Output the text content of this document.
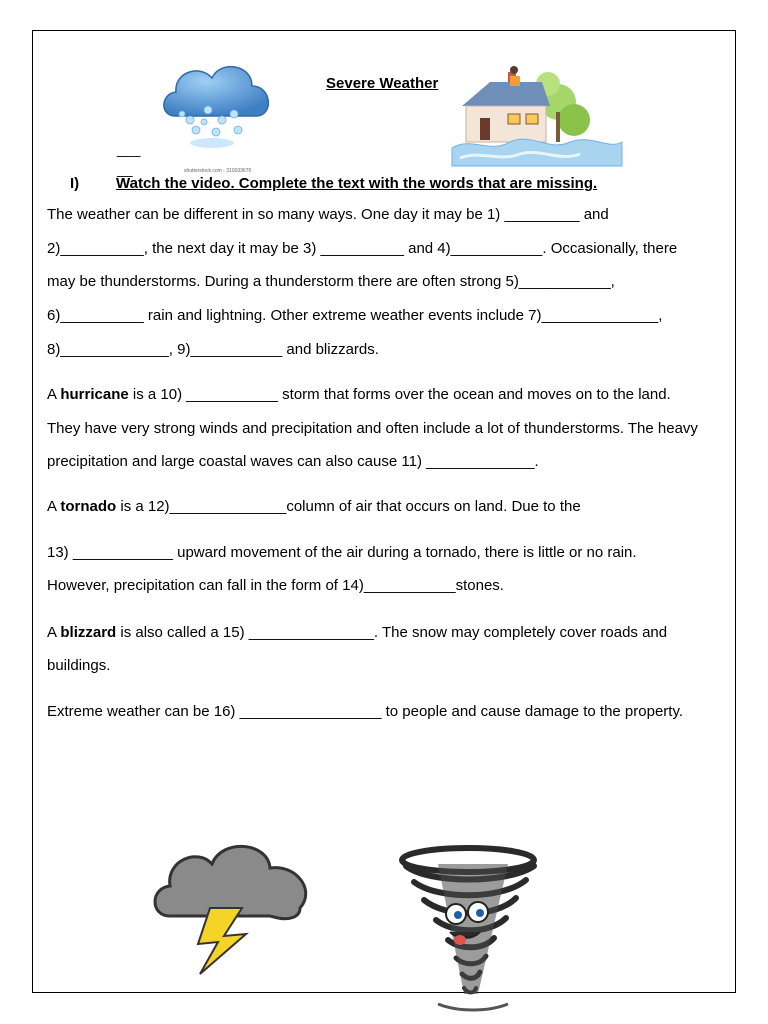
shutterstock.com · 310033676
Severe Weather
___
__
I) Watch the video. Complete the text with the words that are missing.
The weather can be different in so many ways. One day it may be 1) _________ and
2)__________, the next day it may be 3) __________ and 4)___________. Occasionally, there
may be thunderstorms. During a thunderstorm there are often strong 5)___________,
6)__________ rain and lightning. Other extreme weather events include 7)______________,
8)_____________, 9)___________ and blizzards.
A hurricane is a 10) ___________ storm that forms over the ocean and moves on to the land.
They have very strong winds and precipitation and often include a lot of thunderstorms. The heavy
precipitation and large coastal waves can also cause 11) _____________.
A tornado is a 12)______________column of air that occurs on land. Due to the
13) ____________ upward movement of the air during a tornado, there is little or no rain.
However, precipitation can fall in the form of 14)___________stones.
A blizzard is also called a 15) _______________. The snow may completely cover roads and
buildings.
Extreme weather can be 16) _________________ to people and cause damage to the property.
